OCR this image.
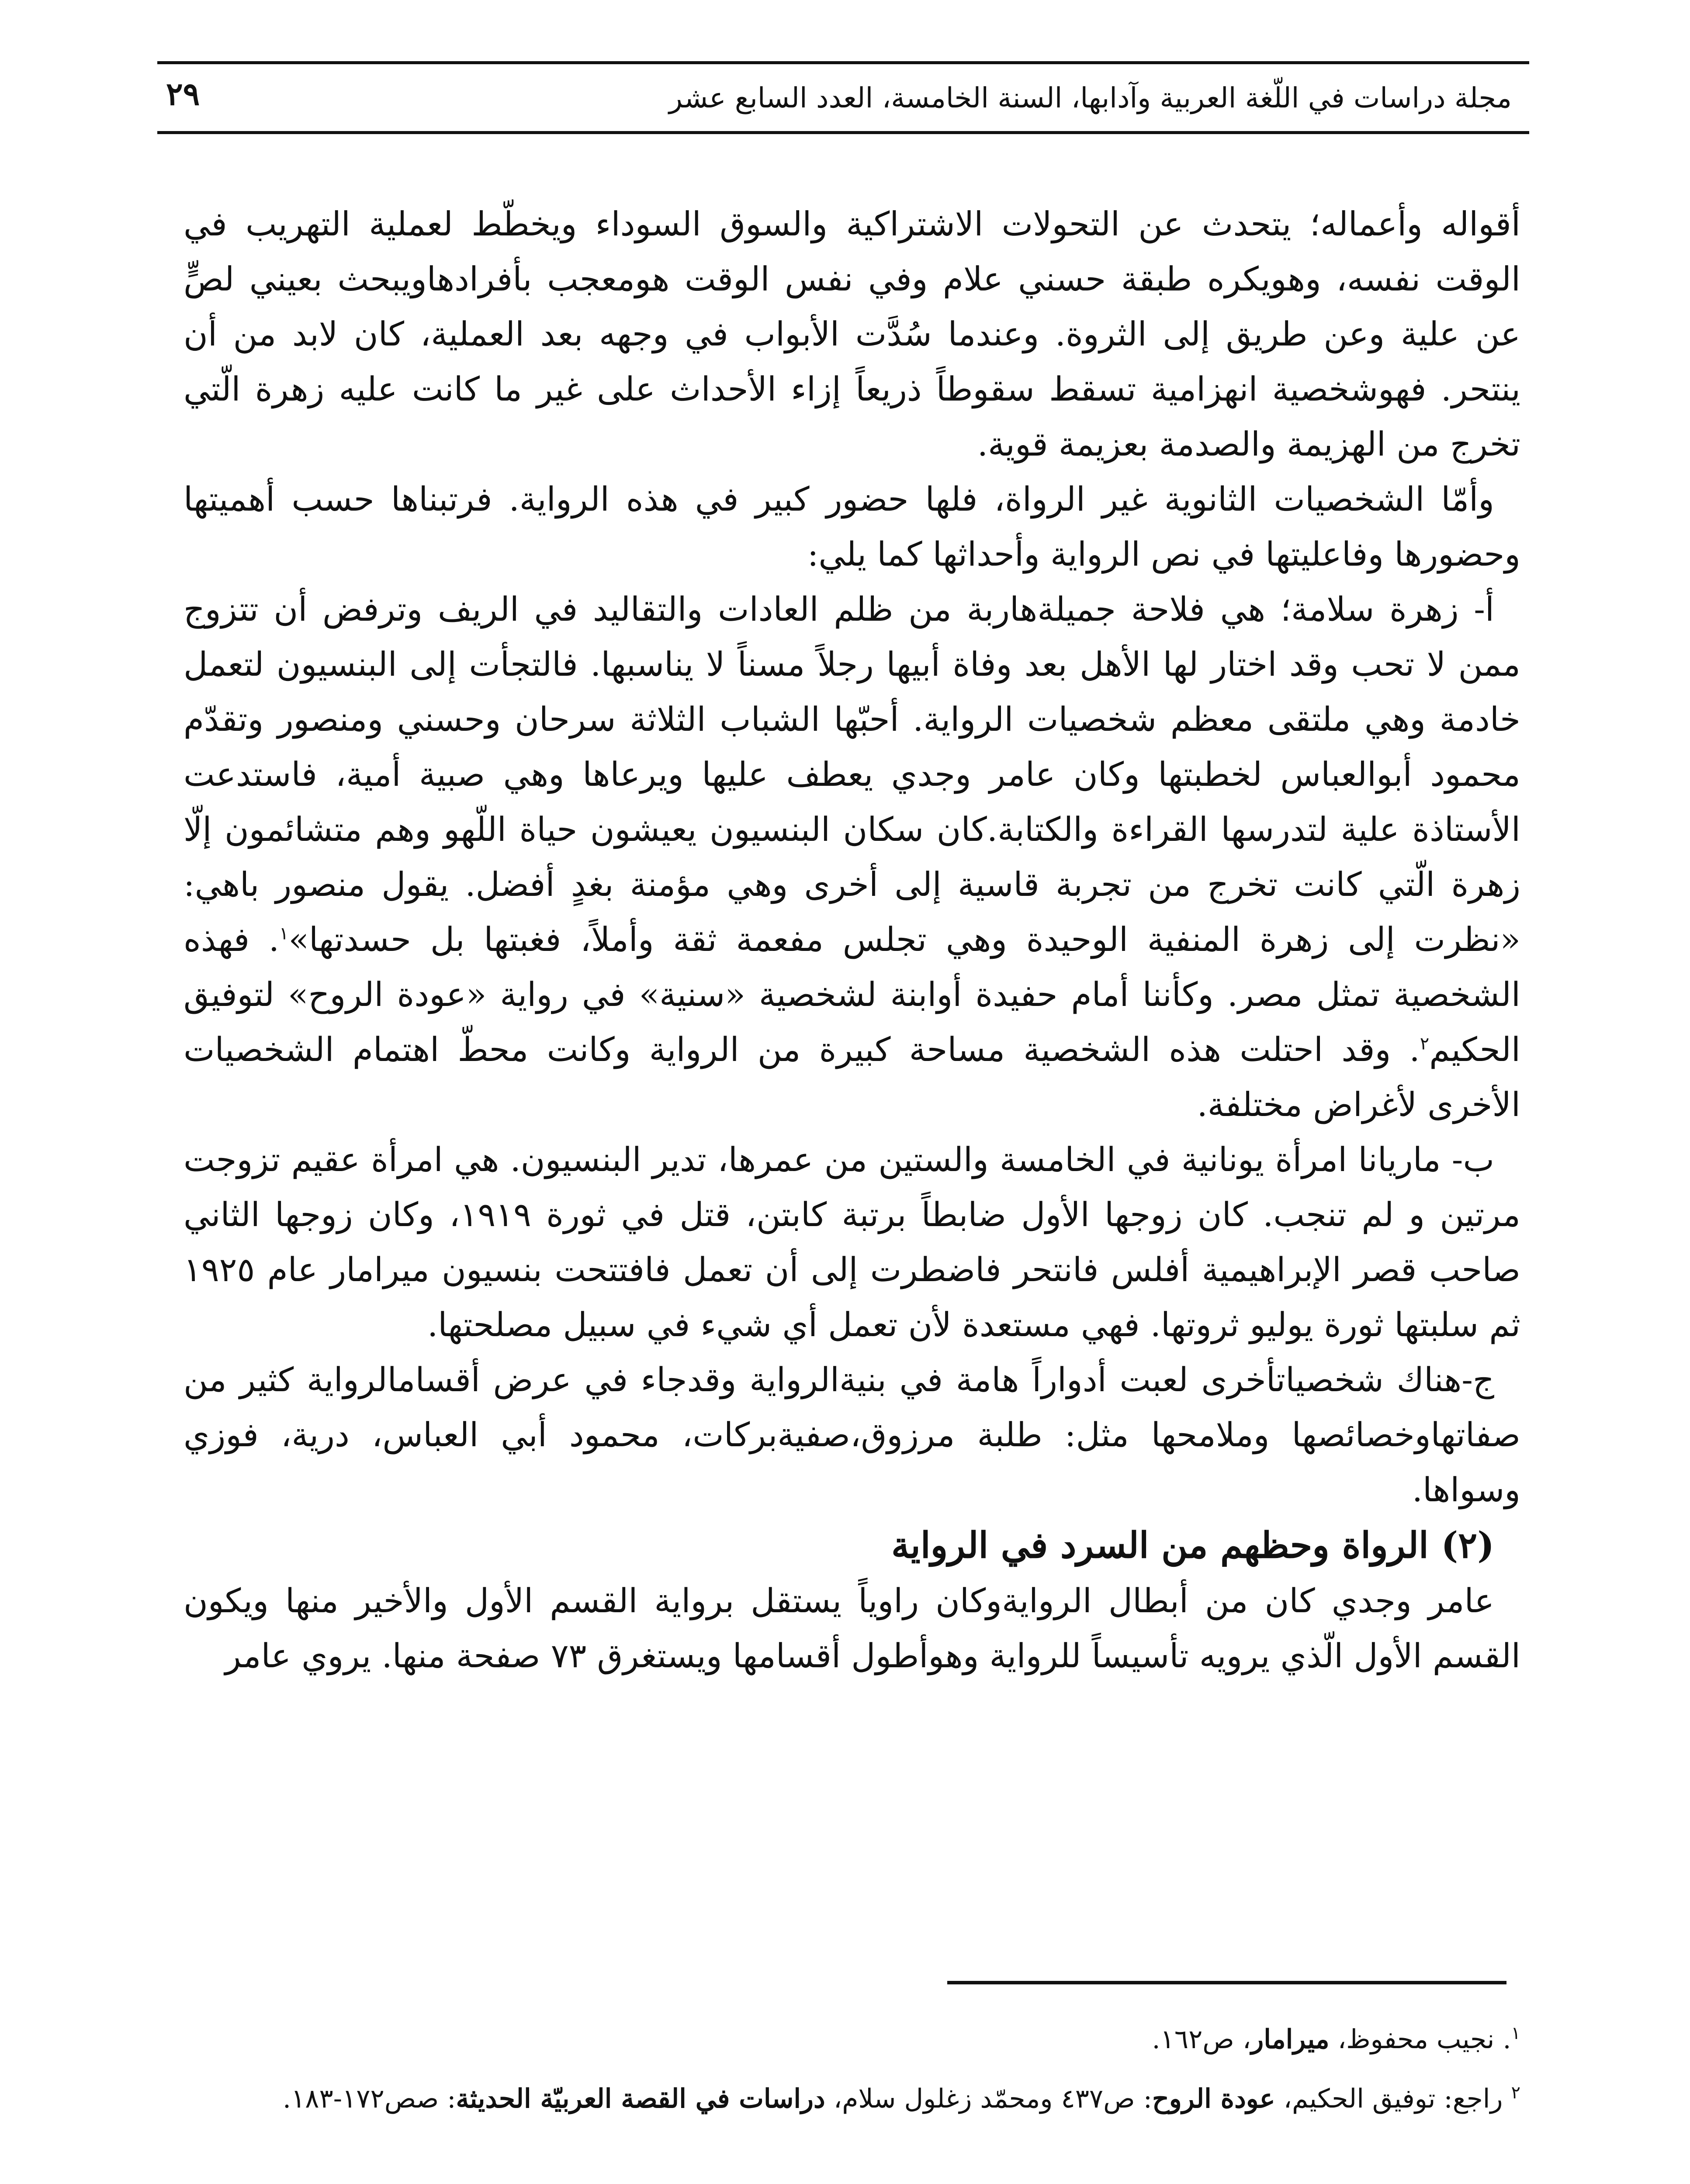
مجلة دراسات في اللّغة العربية وآدابها، السنة الخامسة، العدد السابع عشر
٢٩

أقواله وأعماله؛ يتحدث عن التحولات الاشتراكية والسوق السوداء ويخطّط لعملية التهريب في الوقت نفسه، وهويكره طبقة حسني علام وفي نفس الوقت هومعجب بأفرادهاويبحث بعيني لصٍّ عن علية وعن طريق إلى الثروة. وعندما سُدَّت الأبواب في وجهه بعد العملية، كان لابد من أن ينتحر. فهوشخصية انهزامية تسقط سقوطاً ذريعاً إزاء الأحداث على غير ما كانت عليه زهرة الّتي تخرج من الهزيمة والصدمة بعزيمة قوية.

وأمّا الشخصيات الثانوية غير الرواة، فلها حضور كبير في هذه الرواية. فرتبناها حسب أهميتها وحضورها وفاعليتها في نص الرواية وأحداثها كما يلي:

أ- زهرة سلامة؛ هي فلاحة جميلةهاربة من ظلم العادات والتقاليد في الريف وترفض أن تتزوج ممن لا تحب وقد اختار لها الأهل بعد وفاة أبيها رجلاً مسناً لا يناسبها. فالتجأت إلى البنسيون لتعمل خادمة وهي ملتقى معظم شخصيات الرواية. أحبّها الشباب الثلاثة سرحان وحسني ومنصور وتقدّم محمود أبوالعباس لخطبتها وكان عامر وجدي يعطف عليها ويرعاها وهي صبية أمية، فاستدعت الأستاذة علية لتدرسها القراءة والكتابة.كان سكان البنسيون يعيشون حياة اللّهو وهم متشائمون إلّا زهرة الّتي كانت تخرج من تجربة قاسية إلى أخرى وهي مؤمنة بغدٍ أفضل. يقول منصور باهي: «نظرت إلى زهرة المنفية الوحيدة وهي تجلس مفعمة ثقة وأملاً، فغبتها بل حسدتها»$^١$. فهذه الشخصية تمثل مصر. وكأننا أمام حفيدة أوابنة لشخصية «سنية» في رواية «عودة الروح» لتوفيق الحكيم$^٢$. وقد احتلت هذه الشخصية مساحة كبيرة من الرواية وكانت محطّ اهتمام الشخصيات الأخرى لأغراض مختلفة.

ب- ماريانا امرأة يونانية في الخامسة والستين من عمرها، تدير البنسيون. هي امرأة عقيم تزوجت مرتين و لم تنجب. كان زوجها الأول ضابطاً برتبة كابتن، قتل في ثورة ١٩١٩، وكان زوجها الثاني صاحب قصر الإبراهيمية أفلس فانتحر فاضطرت إلى أن تعمل فافتتحت بنسيون ميرامار عام ١٩٢٥ ثم سلبتها ثورة يوليو ثروتها. فهي مستعدة لأن تعمل أي شيء في سبيل مصلحتها.

ج-هناك شخصياتأخرى لعبت أدواراً هامة في بنيةالرواية وقدجاء في عرض أقسامالرواية كثير من صفاتهاوخصائصها وملامحها مثل: طلبة مرزوق،صفيةبركات، محمود أبي العباس، درية، فوزي وسواها.

(٢) الرواة وحظهم من السرد في الرواية

عامر وجدي كان من أبطال الروايةوكان راوياً يستقل برواية القسم الأول والأخير منها ويكون القسم الأول الّذي يرويه تأسيساً للرواية وهوأطول أقسامها ويستغرق ٧٣ صفحة منها. يروي عامر

$^١$. نجيب محفوظ، ميرامار، ص١٦٢.

$^٢$ راجع: توفيق الحكيم، عودة الروح: ص٤٣٧ ومحمّد زغلول سلام، دراسات في القصة العربيّة الحديثة: صص١٧٢-١٨٣.
